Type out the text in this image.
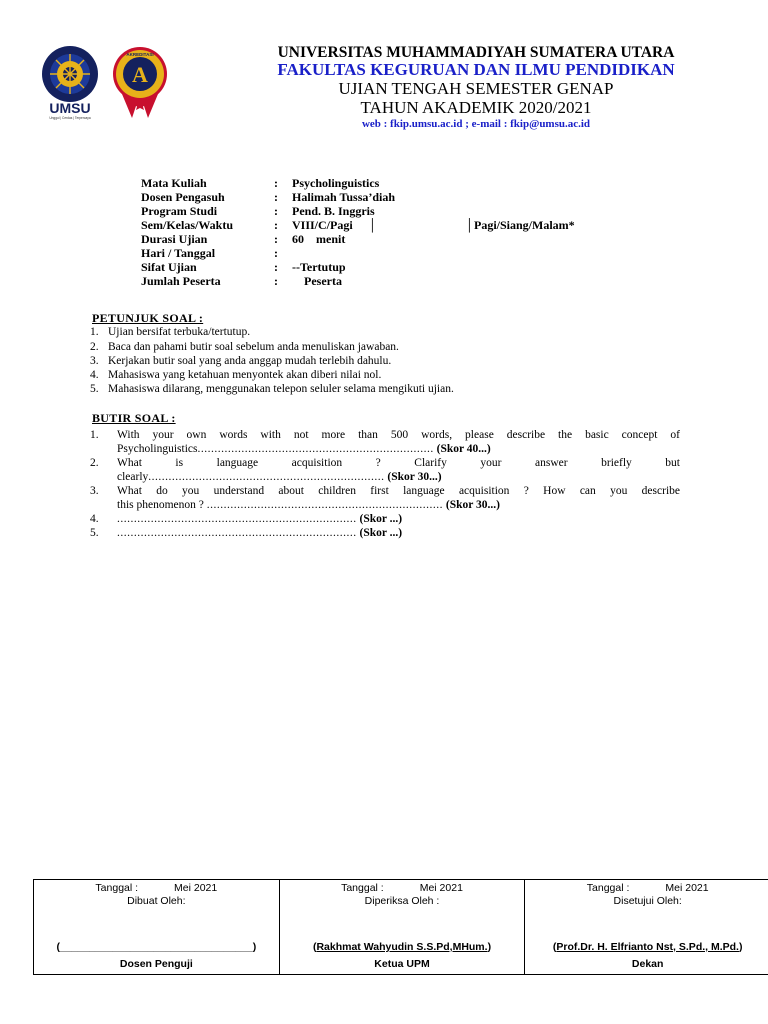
UMSU
Unggul | Cerdas | Terpercaya
A
AKREDITASI	UNIVERSITAS MUHAMMADIYAH SUMATERA UTARA
FAKULTAS KEGURUAN DAN ILMU PENDIDIKAN
UJIAN TENGAH SEMESTER GENAP
TAHUN AKADEMIK 2020/2021
web : fkip.umsu.ac.id ; e-mail : fkip@umsu.ac.id
Mata Kuliah	: Psycholinguistics
Dosen Pengasuh	: Halimah Tussa’diah
Program Studi	: Pend. B. Inggris
Sem/Kelas/Waktu	: VIII/C/Pagi │	│ Pagi/Siang/Malam*
Durasi Ujian	: 60    menit
Hari / Tanggal	:
Sifat Ujian	: --Tertutup
Jumlah Peserta	: Peserta
PETUNJUK SOAL :
1. Ujian bersifat terbuka/tertutup.
2. Baca dan pahami butir soal sebelum anda menuliskan jawaban.
3. Kerjakan butir soal yang anda anggap mudah terlebih dahulu.
4. Mahasiswa yang ketahuan menyontek akan diberi nilai nol.
5. Mahasiswa dilarang, menggunakan telepon seluler selama mengikuti ujian.
BUTIR SOAL :
1. With your own words with not more than 500 words, please describe the basic concept of
Psycholinguistics...................................................................... (Skor 40...)
2. What is language acquisition ? Clarify your answer briefly but
clearly...................................................................... (Skor 30...)
3. What do you understand about children first language acquisition ? How can you describe
this phenomenon ? ...................................................................... (Skor 30...)
4. ....................................................................... (Skor ...)
5. ....................................................................... (Skor ...)
Tanggal :	Mei 2021
Dibuat Oleh:
(_________________________________)
Dosen Penguji
Tanggal :	Mei 2021
Diperiksa Oleh :
(Rakhmat Wahyudin S.S.Pd,MHum.)
Ketua UPM
Tanggal :	Mei 2021
Disetujui Oleh:
(Prof.Dr. H. Elfrianto Nst, S.Pd., M.Pd.)
Dekan
